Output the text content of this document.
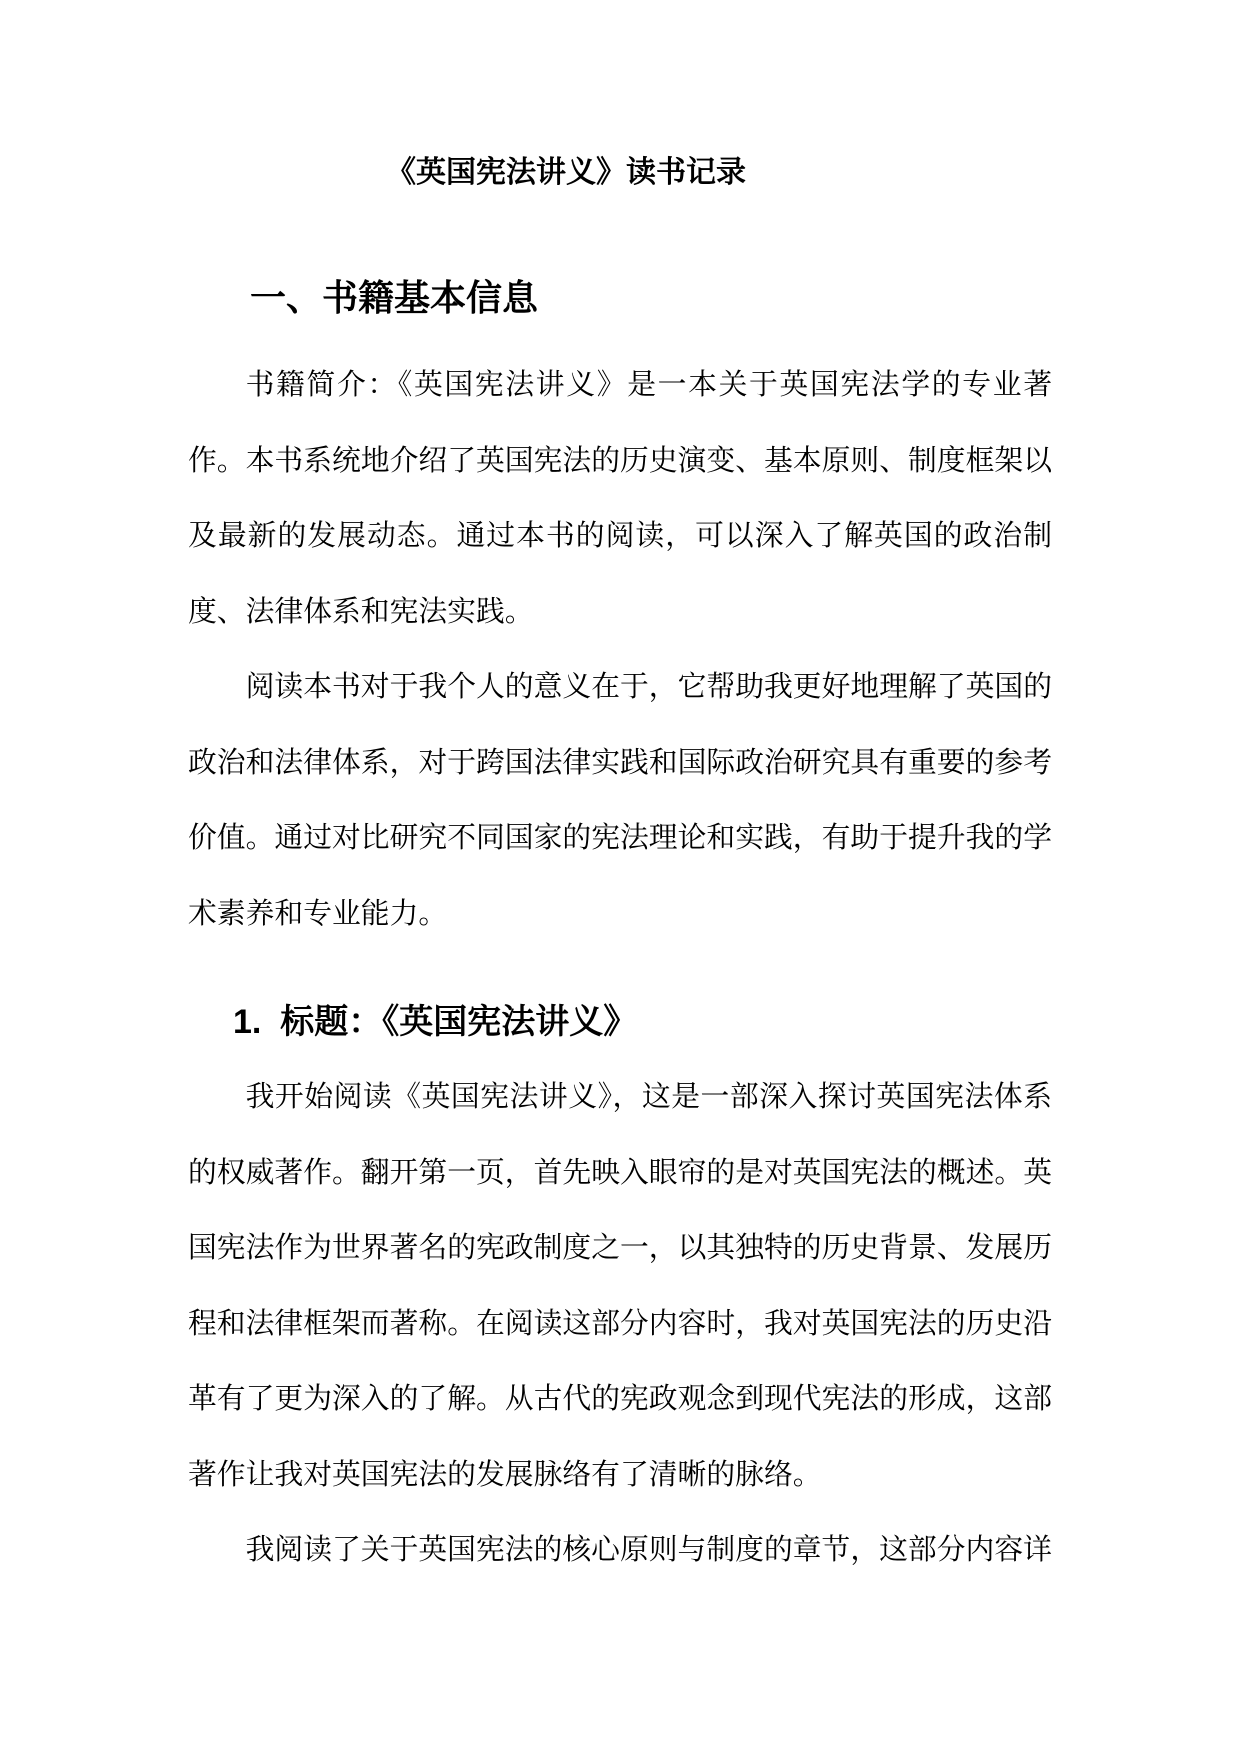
《英国宪法讲义》读书记录
一、书籍基本信息

书籍简介：《英国宪法讲义》是一本关于英国宪法学的专业著作。本书系统地介绍了英国宪法的历史演变、基本原则、制度框架以及最新的发展动态。通过本书的阅读，可以深入了解英国的政治制度、法律体系和宪法实践。

阅读本书对于我个人的意义在于，它帮助我更好地理解了英国的政治和法律体系，对于跨国法律实践和国际政治研究具有重要的参考价值。通过对比研究不同国家的宪法理论和实践，有助于提升我的学术素养和专业能力。

1.  标题：《英国宪法讲义》

我开始阅读《英国宪法讲义》，这是一部深入探讨英国宪法体系的权威著作。翻开第一页，首先映入眼帘的是对英国宪法的概述。英国宪法作为世界著名的宪政制度之一，以其独特的历史背景、发展历程和法律框架而著称。在阅读这部分内容时，我对英国宪法的历史沿革有了更为深入的了解。从古代的宪政观念到现代宪法的形成，这部著作让我对英国宪法的发展脉络有了清晰的脉络。

我阅读了关于英国宪法的核心原则与制度的章节，这部分内容详
